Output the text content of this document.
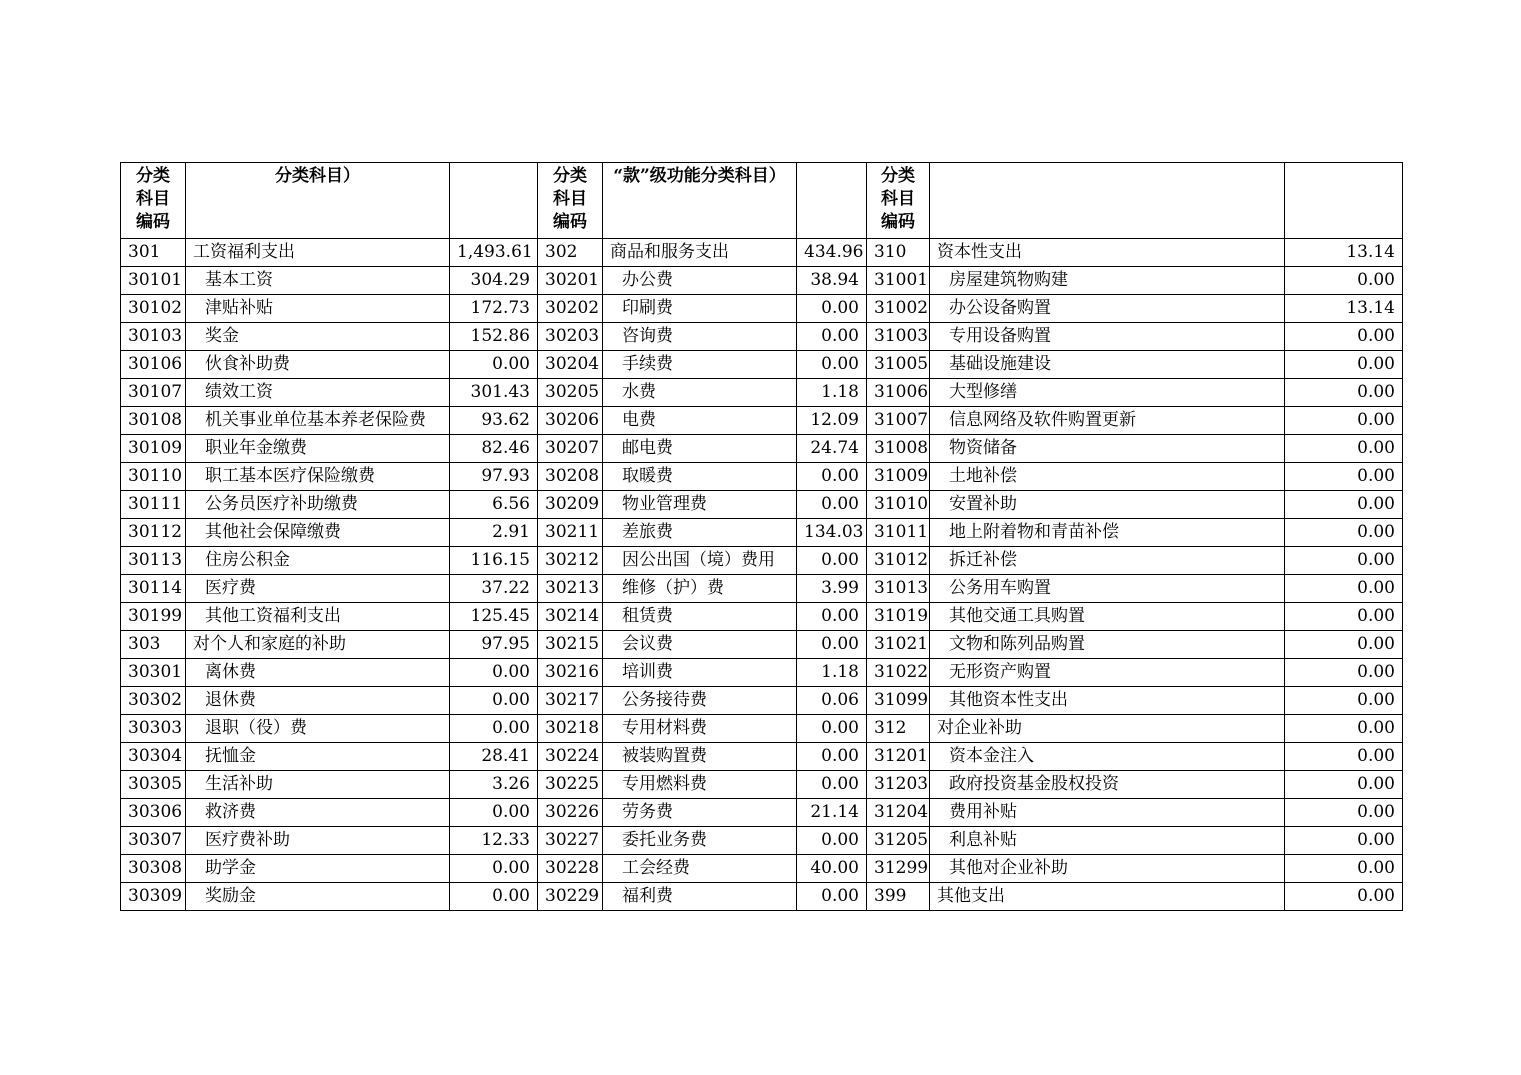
分类科目编码	分类科目）		分类科目编码	“款”级功能分类科目）		分类科目编码		
301	工资福利支出	1,493.61	302	商品和服务支出	434.96	310	资本性支出	13.14
30101	基本工资	304.29	30201	办公费	38.94	31001	房屋建筑物购建	0.00
30102	津贴补贴	172.73	30202	印刷费	0.00	31002	办公设备购置	13.14
30103	奖金	152.86	30203	咨询费	0.00	31003	专用设备购置	0.00
30106	伙食补助费	0.00	30204	手续费	0.00	31005	基础设施建设	0.00
30107	绩效工资	301.43	30205	水费	1.18	31006	大型修缮	0.00
30108	机关事业单位基本养老保险费	93.62	30206	电费	12.09	31007	信息网络及软件购置更新	0.00
30109	职业年金缴费	82.46	30207	邮电费	24.74	31008	物资储备	0.00
30110	职工基本医疗保险缴费	97.93	30208	取暖费	0.00	31009	土地补偿	0.00
30111	公务员医疗补助缴费	6.56	30209	物业管理费	0.00	31010	安置补助	0.00
30112	其他社会保障缴费	2.91	30211	差旅费	134.03	31011	地上附着物和青苗补偿	0.00
30113	住房公积金	116.15	30212	因公出国（境）费用	0.00	31012	拆迁补偿	0.00
30114	医疗费	37.22	30213	维修（护）费	3.99	31013	公务用车购置	0.00
30199	其他工资福利支出	125.45	30214	租赁费	0.00	31019	其他交通工具购置	0.00
303	对个人和家庭的补助	97.95	30215	会议费	0.00	31021	文物和陈列品购置	0.00
30301	离休费	0.00	30216	培训费	1.18	31022	无形资产购置	0.00
30302	退休费	0.00	30217	公务接待费	0.06	31099	其他资本性支出	0.00
30303	退职（役）费	0.00	30218	专用材料费	0.00	312	对企业补助	0.00
30304	抚恤金	28.41	30224	被装购置费	0.00	31201	资本金注入	0.00
30305	生活补助	3.26	30225	专用燃料费	0.00	31203	政府投资基金股权投资	0.00
30306	救济费	0.00	30226	劳务费	21.14	31204	费用补贴	0.00
30307	医疗费补助	12.33	30227	委托业务费	0.00	31205	利息补贴	0.00
30308	助学金	0.00	30228	工会经费	40.00	31299	其他对企业补助	0.00
30309	奖励金	0.00	30229	福利费	0.00	399	其他支出	0.00
